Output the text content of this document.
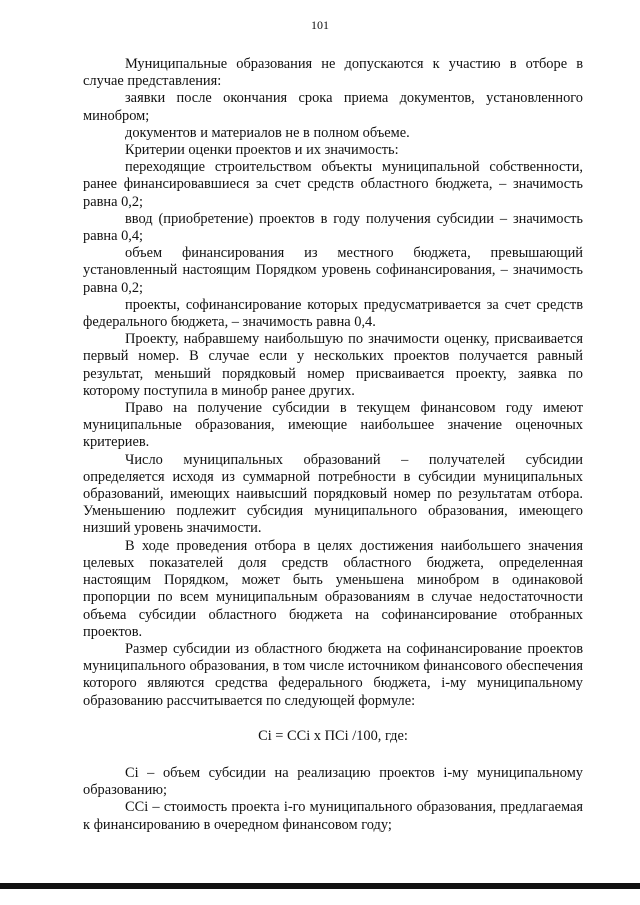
101

Муниципальные образования не допускаются к участию в отборе в случае представления:

заявки после окончания срока приема документов, установленного минобром;

документов и материалов не в полном объеме.

Критерии оценки проектов и их значимость:

переходящие строительством объекты муниципальной собственности, ранее финансировавшиеся за счет средств областного бюджета, – значимость равна 0,2;

ввод (приобретение) проектов в году получения субсидии – значимость равна 0,4;

объем финансирования из местного бюджета, превышающий установленный настоящим Порядком уровень софинансирования, – значимость равна 0,2;

проекты, софинансирование которых предусматривается за счет средств федерального бюджета, – значимость равна 0,4.

Проекту, набравшему наибольшую по значимости оценку, присваивается первый номер. В случае если у нескольких проектов получается равный результат, меньший порядковый номер присваивается проекту, заявка по которому поступила в минобр ранее других.

Право на получение субсидии в текущем финансовом году имеют муниципальные образования, имеющие наибольшее значение оценочных критериев.

Число муниципальных образований – получателей субсидии определяется исходя из суммарной потребности в субсидии муниципальных образований, имеющих наивысший порядковый номер по результатам отбора. Уменьшению подлежит субсидия муниципального образования, имеющего низший уровень значимости.

В ходе проведения отбора в целях достижения наибольшего значения целевых показателей доля средств областного бюджета, определенная настоящим Порядком, может быть уменьшена минобром в одинаковой пропорции по всем муниципальным образованиям в случае недостаточности объема субсидии областного бюджета на софинансирование отобранных проектов.

Размер субсидии из областного бюджета на софинансирование проектов муниципального образования, в том числе источником финансового обеспечения которого являются средства федерального бюджета, i-му муниципальному образованию рассчитывается по следующей формуле:

Ci = CCi x ПCi /100, где:

Ci – объем субсидии на реализацию проектов i-му муниципальному образованию;

CCi – стоимость проекта i-го муниципального образования, предлагаемая к финансированию в очередном финансовом году;
